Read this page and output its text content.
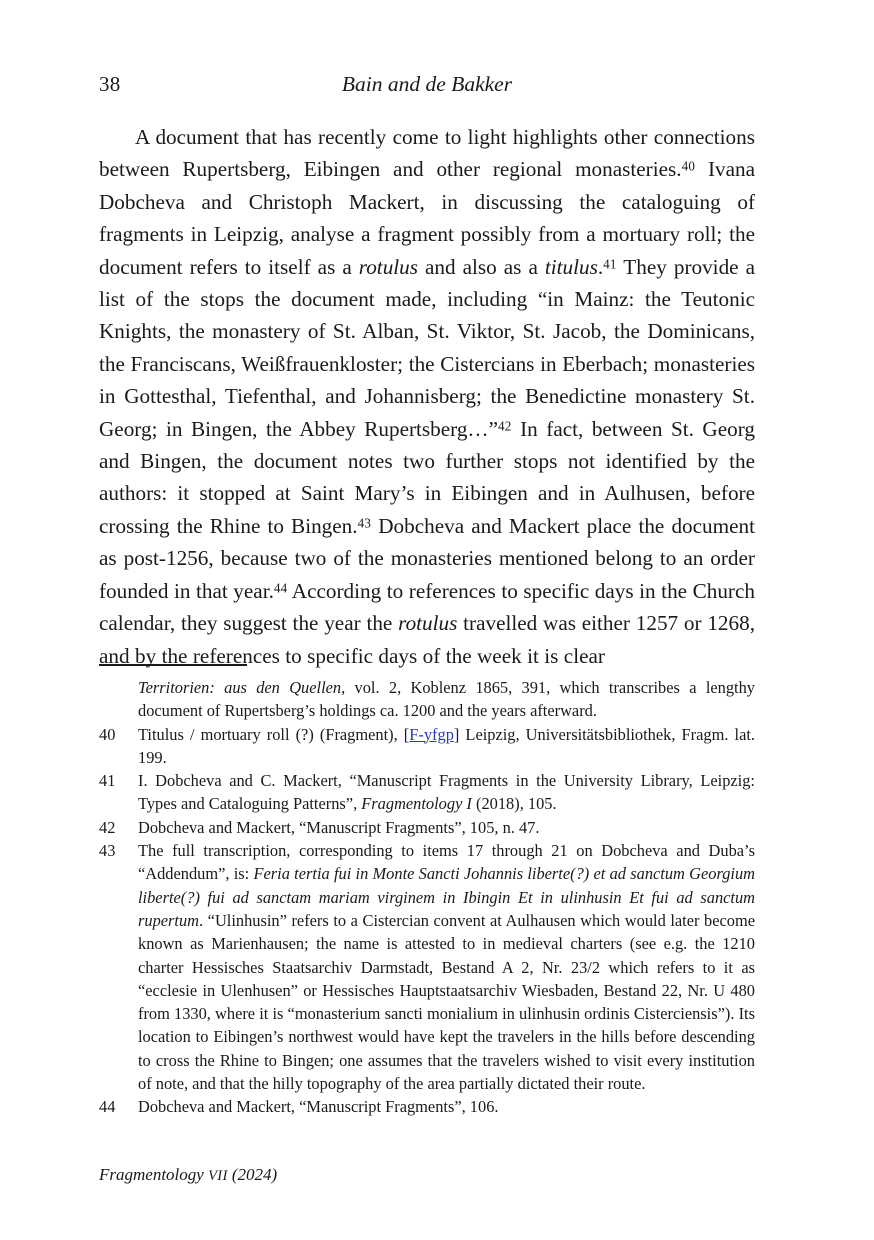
38	Bain and de Bakker

A document that has recently come to light highlights other connections between Rupertsberg, Eibingen and other regional monasteries.$^{40}$ Ivana Dobcheva and Christoph Mackert, in discussing the cataloguing of fragments in Leipzig, analyse a fragment possibly from a mortuary roll; the document refers to itself as a rotulus and also as a titulus.$^{41}$ They provide a list of the stops the document made, including “in Mainz: the Teutonic Knights, the monastery of St. Alban, St. Viktor, St. Jacob, the Dominicans, the Franciscans, Weißfrauenkloster; the Cistercians in Eberbach; monasteries in Gottesthal, Tiefenthal, and Johannisberg; the Benedictine monastery St. Georg; in Bingen, the Abbey Rupertsberg…”$^{42}$ In fact, between St. Georg and Bingen, the document notes two further stops not identified by the authors: it stopped at Saint Mary’s in Eibingen and in Aulhusen, before crossing the Rhine to Bingen.$^{43}$ Dobcheva and Mackert place the document as post-1256, because two of the monasteries mentioned belong to an order founded in that year.$^{44}$ According to references to specific days in the Church calendar, they suggest the year the rotulus travelled was either 1257 or 1268, and by the references to specific days of the week it is clear

Territorien: aus den Quellen, vol. 2, Koblenz 1865, 391, which transcribes a lengthy document of Rupertsberg’s holdings ca. 1200 and the years afterward.

40	Titulus / mortuary roll (?) (Fragment), [F-yfgp] Leipzig, Universitätsbibliothek, Fragm. lat. 199.

41	I. Dobcheva and C. Mackert, “Manuscript Fragments in the University Library, Leipzig: Types and Cataloguing Patterns”, Fragmentology I (2018), 105.

42	Dobcheva and Mackert, “Manuscript Fragments”, 105, n. 47.

43	The full transcription, corresponding to items 17 through 21 on Dobcheva and Duba’s “Addendum”, is: Feria tertia fui in Monte Sancti Johannis liberte(?) et ad sanctum Georgium liberte(?) fui ad sanctam mariam virginem in Ibingin Et in ulinhusin Et fui ad sanctum rupertum. “Ulinhusin” refers to a Cistercian convent at Aulhausen which would later become known as Marienhausen; the name is attested to in medieval charters (see e.g. the 1210 charter Hessisches Staatsarchiv Darmstadt, Bestand A 2, Nr. 23/2 which refers to it as “ecclesie in Ulenhusen” or Hessisches Hauptstaatsarchiv Wiesbaden, Bestand 22, Nr. U 480 from 1330, where it is “monasterium sancti monialium in ulinhusin ordinis Cisterciensis”). Its location to Eibingen’s northwest would have kept the travelers in the hills before descending to cross the Rhine to Bingen; one assumes that the travelers wished to visit every institution of note, and that the hilly topography of the area partially dictated their route.

44	Dobcheva and Mackert, “Manuscript Fragments”, 106.

Fragmentology VII (2024)
